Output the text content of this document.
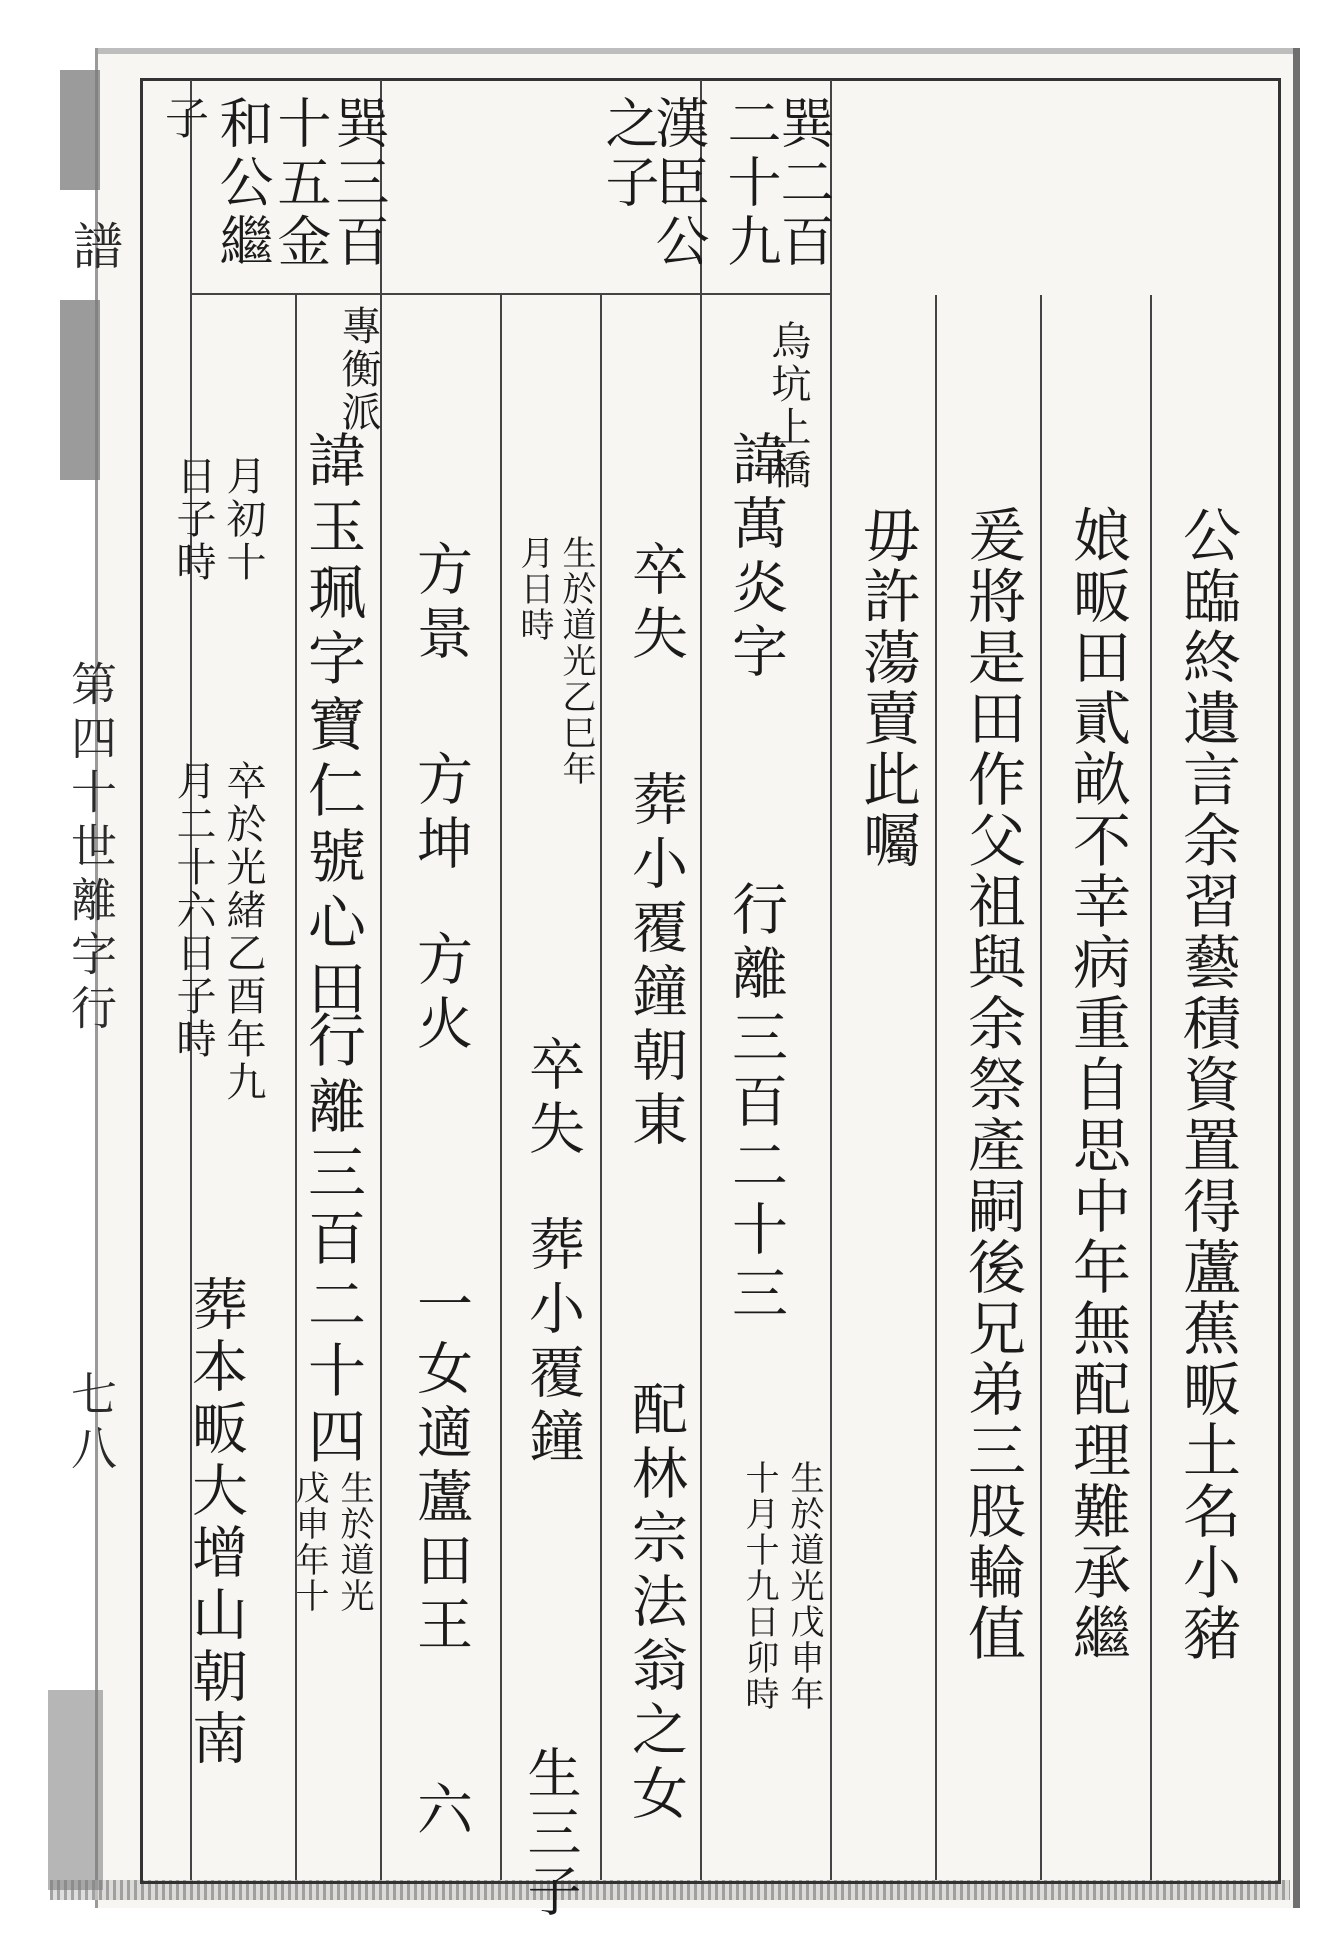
譜
第四十世離字行
七八
巽三百
十五金
和公繼
子	巽二百
二十九
漢臣公
之子
公臨終遺言余習藝積資置得蘆蕉畈土名小豬
娘畈田貳畝不幸病重自思中年無配理難承繼
爰將是田作父祖與余祭產嗣後兄弟三股輪值
毋許蕩賣此囑
烏坑上橋
諱萬炎字
行離三百二十三
生於道光戊申年
十月十九日卯時
卒失
葬小覆鐘朝東
配林宗法翁之女
生於道光乙巳年
月日時
卒失
葬小覆鐘
生三子
方景
方坤
方火
一女適蘆田王
六
專衡派
諱玉珮字寶仁號心田
行離三百二十四
生於道光
戊申年十
月初十
日子時
卒於光緒乙酉年九
月二十六日子時
葬本畈大增山朝南
